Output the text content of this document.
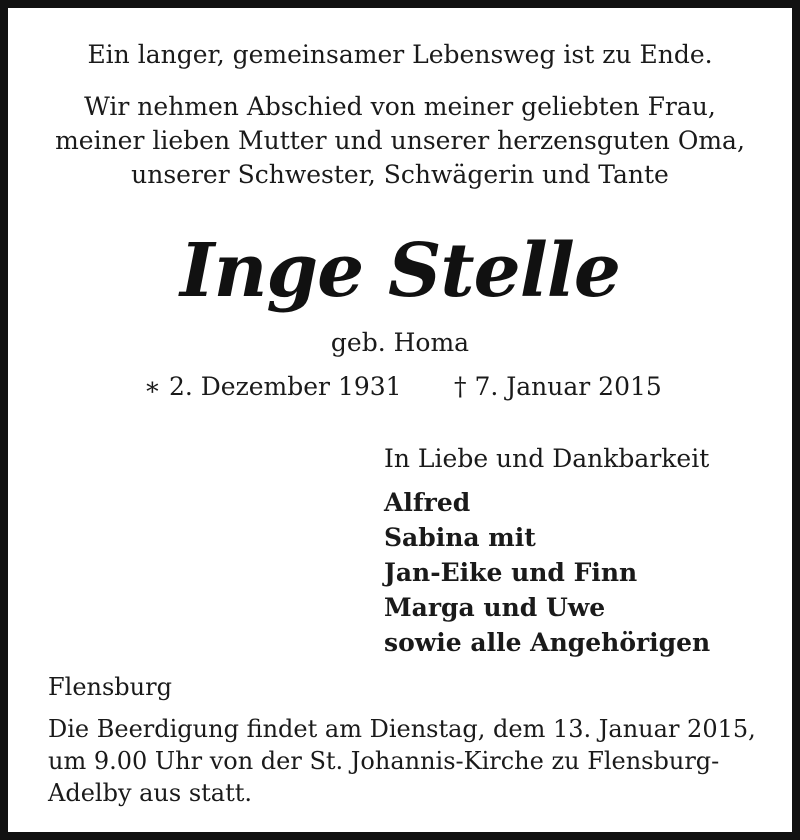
Ein langer, gemeinsamer Lebensweg ist zu Ende.
Wir nehmen Abschied von meiner geliebten Frau,
meiner lieben Mutter und unserer herzensguten Oma,
unserer Schwester, Schwägerin und Tante
Inge Stelle
geb. Homa
∗ 2. Dezember 1931 † 7. Januar 2015
In Liebe und Dankbarkeit
Alfred
Sabina mit
Jan-Eike und Finn
Marga und Uwe
sowie alle Angehörigen
Flensburg
Die Beerdigung findet am Dienstag, dem 13. Januar 2015,
um 9.00 Uhr von der St. Johannis-Kirche zu Flensburg-
Adelby aus statt.
